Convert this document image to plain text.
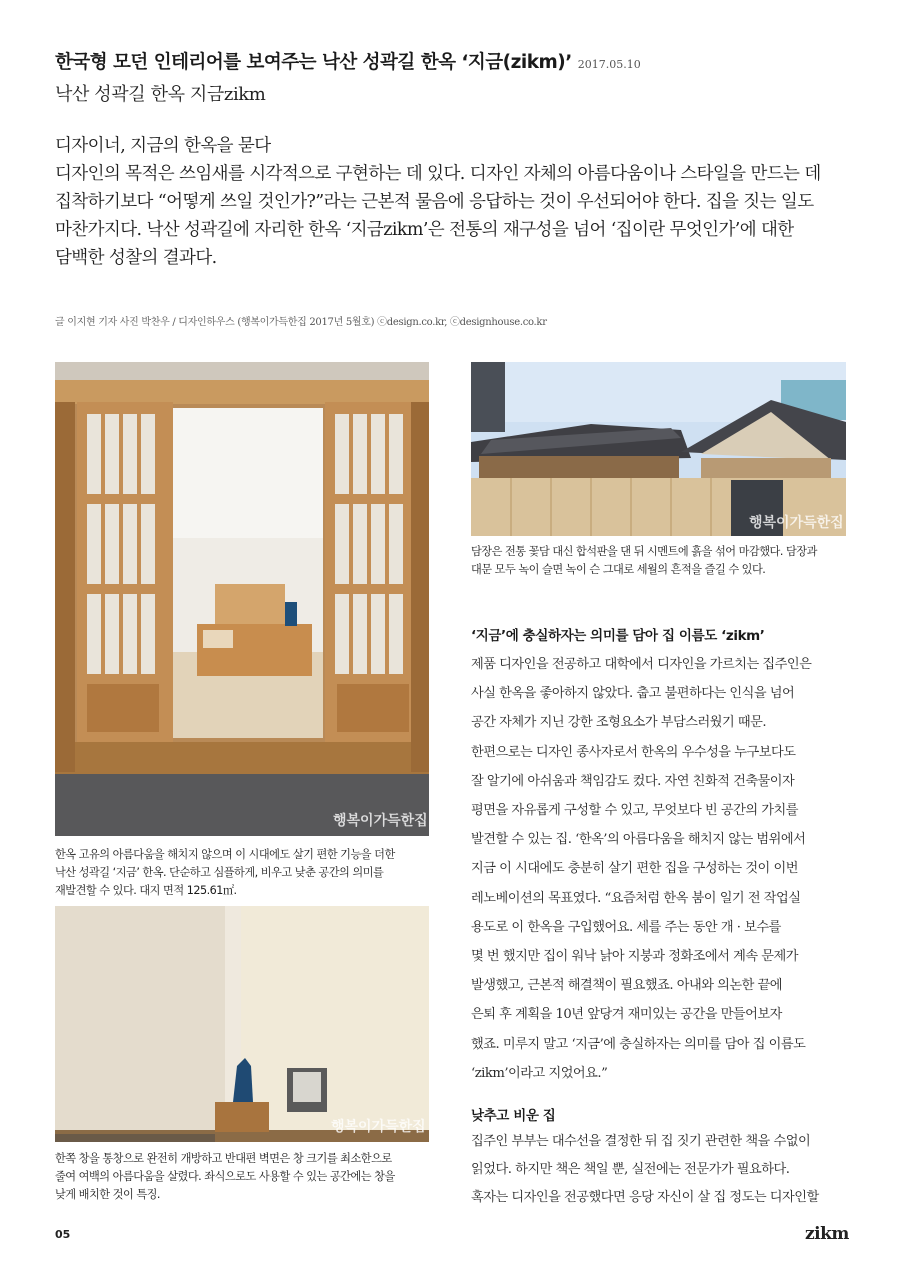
한국형 모던 인테리어를 보여주는 낙산 성곽길 한옥 ‘지금(zikm)’ 2017.05.10
낙산 성곽길 한옥 지금zikm

디자이너, 지금의 한옥을 묻다

디자인의 목적은 쓰임새를 시각적으로 구현하는 데 있다. 디자인 자체의 아름다움이나 스타일을 만드는 데

집착하기보다 “어떻게 쓰일 것인가?”라는 근본적 물음에 응답하는 것이 우선되어야 한다. 집을 짓는 일도

마찬가지다. 낙산 성곽길에 자리한 한옥 ‘지금zikm’은 전통의 재구성을 넘어 ‘집이란 무엇인가’에 대한

담백한 성찰의 결과다.

글 이지현 기자 사진 박찬우 / 디자인하우스 (행복이가득한집 2017년 5월호) ⓒdesign.co.kr, ⓒdesignhouse.co.kr
행복이가득한집
행복이가득한집
담장은 전통 꽃담 대신 합석판을 댄 뒤 시멘트에 흙을 섞어 마감했다. 담장과
대문 모두 녹이 슬면 녹이 슨 그대로 세월의 흔적을 즐길 수 있다.
한옥 고유의 아름다움을 해치지 않으며 이 시대에도 살기 편한 기능을 더한
낙산 성곽길 ‘지금’ 한옥. 단순하고 심플하게, 비우고 낮춘 공간의 의미를
재발견할 수 있다. 대지 면적 125.61㎡.
행복이가득한집
한쪽 창을 통창으로 완전히 개방하고 반대편 벽면은 창 크기를 최소한으로
줄여 여백의 아름다움을 살렸다. 좌식으로도 사용할 수 있는 공간에는 창을
낮게 배치한 것이 특징.
‘지금’에 충실하자는 의미를 담아 집 이름도 ‘zikm’

제품 디자인을 전공하고 대학에서 디자인을 가르치는 집주인은

사실 한옥을 좋아하지 않았다. 춥고 불편하다는 인식을 넘어

공간 자체가 지닌 강한 조형요소가 부담스러웠기 때문.

한편으로는 디자인 종사자로서 한옥의 우수성을 누구보다도

잘 알기에 아쉬움과 책임감도 컸다. 자연 친화적 건축물이자

평면을 자유롭게 구성할 수 있고, 무엇보다 빈 공간의 가치를

발견할 수 있는 집. ‘한옥’의 아름다움을 해치지 않는 범위에서

지금 이 시대에도 충분히 살기 편한 집을 구성하는 것이 이번

레노베이션의 목표였다. “요즘처럼 한옥 붐이 일기 전 작업실

용도로 이 한옥을 구입했어요. 세를 주는 동안 개 · 보수를

몇 번 했지만 집이 워낙 낡아 지붕과 정화조에서 계속 문제가

발생했고, 근본적 해결책이 필요했죠. 아내와 의논한 끝에

은퇴 후 계획을 10년 앞당겨 재미있는 공간을 만들어보자

했죠. 미루지 말고 ‘지금’에 충실하자는 의미를 담아 집 이름도

‘zikm’이라고 지었어요.”

낮추고 비운 집

집주인 부부는 대수선을 결정한 뒤 집 짓기 관련한 책을 수없이

읽었다. 하지만 책은 책일 뿐, 실전에는 전문가가 필요하다.

혹자는 디자인을 전공했다면 응당 자신이 살 집 정도는 디자인할

05	zikm
